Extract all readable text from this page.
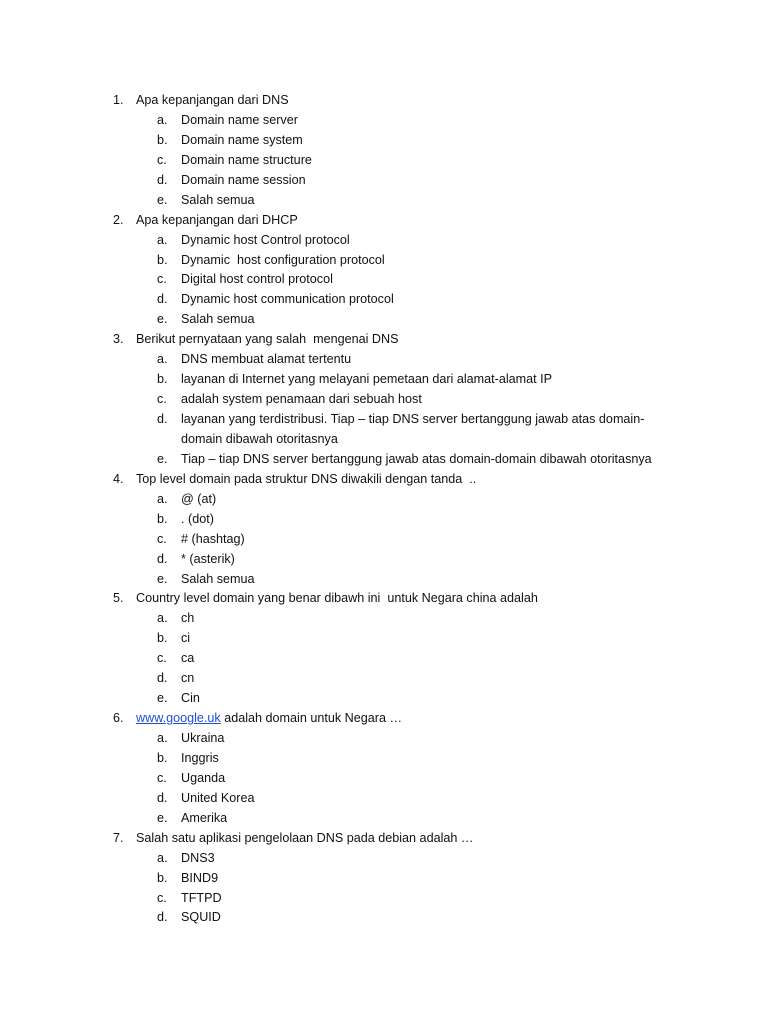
1. Apa kepanjangan dari DNS
a. Domain name server
b. Domain name system
c. Domain name structure
d. Domain name session
e. Salah semua
2. Apa kepanjangan dari DHCP
a. Dynamic host Control protocol
b. Dynamic  host configuration protocol
c. Digital host control protocol
d. Dynamic host communication protocol
e. Salah semua
3. Berikut pernyataan yang salah  mengenai DNS
a. DNS membuat alamat tertentu
b. layanan di Internet yang melayani pemetaan dari alamat-alamat IP
c. adalah system penamaan dari sebuah host
d. layanan yang terdistribusi. Tiap – tiap DNS server bertanggung jawab atas domain-
domain dibawah otoritasnya
e. Tiap – tiap DNS server bertanggung jawab atas domain-domain dibawah otoritasnya
4. Top level domain pada struktur DNS diwakili dengan tanda  ..
a. @ (at)
b. . (dot)
c. # (hashtag)
d. * (asterik)
e. Salah semua
5. Country level domain yang benar dibawh ini  untuk Negara china adalah
a. ch
b. ci
c. ca
d. cn
e. Cin
6. www.google.uk adalah domain untuk Negara …
a. Ukraina
b. Inggris
c. Uganda
d. United Korea
e. Amerika
7. Salah satu aplikasi pengelolaan DNS pada debian adalah …
a. DNS3
b. BIND9
c. TFTPD
d. SQUID
